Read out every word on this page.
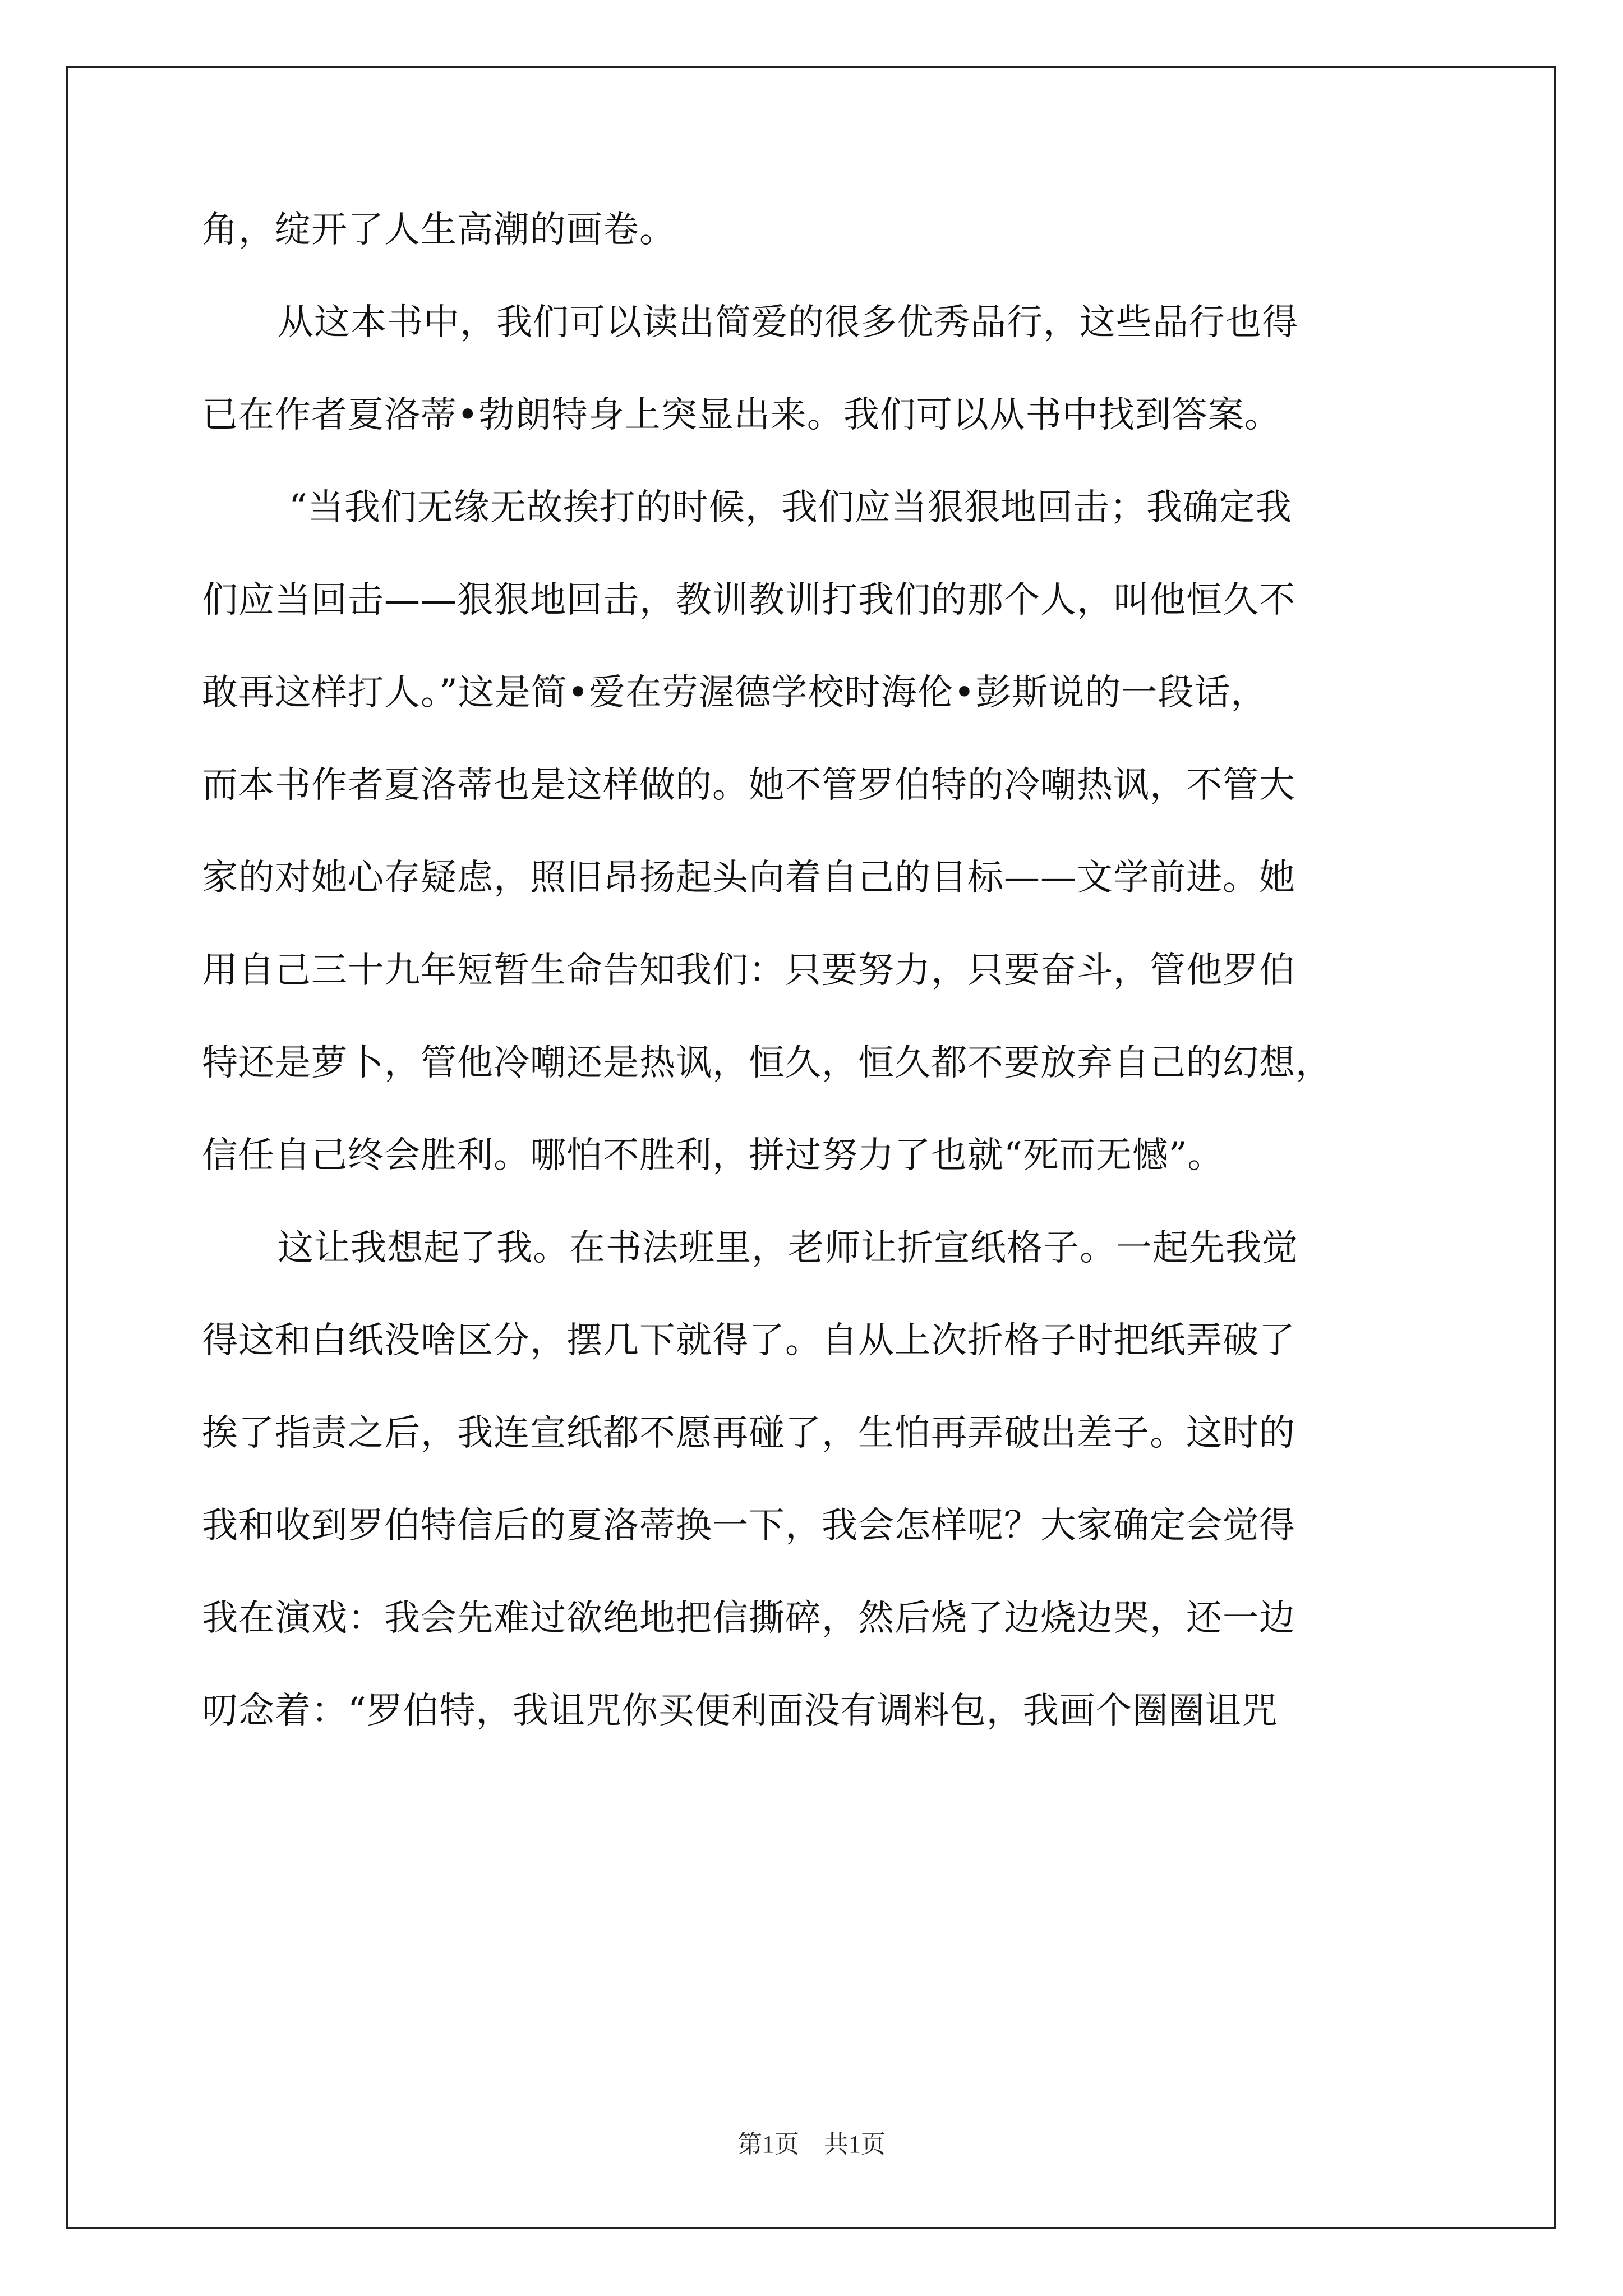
角，绽开了人生高潮的画卷。
从这本书中，我们可以读出简爱的很多优秀品行，这些品行也得
已在作者夏洛蒂•勃朗特身上突显出来。我们可以从书中找到答案。
“当我们无缘无故挨打的时候，我们应当狠狠地回击；我确定我
们应当回击——狠狠地回击，教训教训打我们的那个人，叫他恒久不
敢再这样打人。”这是简•爱在劳渥德学校时海伦•彭斯说的一段话，
而本书作者夏洛蒂也是这样做的。她不管罗伯特的冷嘲热讽，不管大
家的对她心存疑虑，照旧昂扬起头向着自己的目标——文学前进。她
用自己三十九年短暂生命告知我们：只要努力，只要奋斗，管他罗伯
特还是萝卜，管他冷嘲还是热讽，恒久，恒久都不要放弃自己的幻想，
信任自己终会胜利。哪怕不胜利，拼过努力了也就“死而无憾”。
这让我想起了我。在书法班里，老师让折宣纸格子。一起先我觉
得这和白纸没啥区分，摆几下就得了。自从上次折格子时把纸弄破了
挨了指责之后，我连宣纸都不愿再碰了，生怕再弄破出差子。这时的
我和收到罗伯特信后的夏洛蒂换一下，我会怎样呢？大家确定会觉得
我在演戏：我会先难过欲绝地把信撕碎，然后烧了边烧边哭，还一边
叨念着：“罗伯特，我诅咒你买便利面没有调料包，我画个圈圈诅咒
第1页　共1页
